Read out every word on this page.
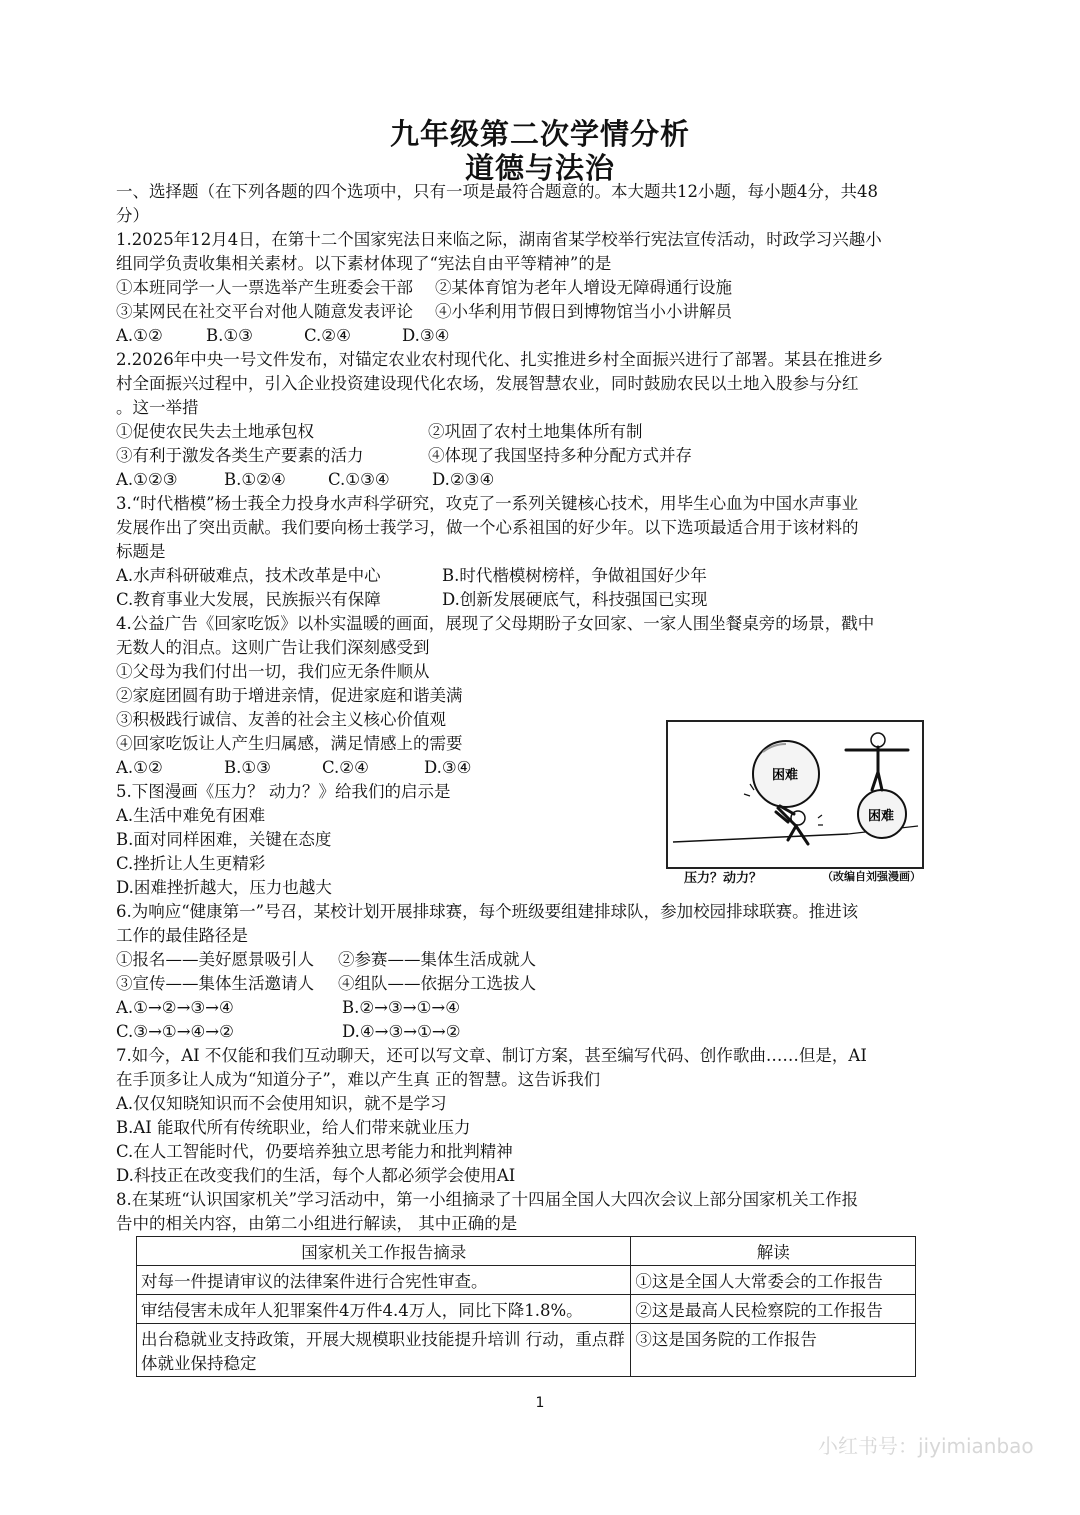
九年级第二次学情分析
道德与法治
一、选择题（在下列各题的四个选项中，只有一项是最符合题意的。本大题共12小题，每小题4分，共48
分）
1.2025年12月4日，在第十二个国家宪法日来临之际，湖南省某学校举行宪法宣传活动，时政学习兴趣小
组同学负责收集相关素材。以下素材体现了“宪法自由平等精神”的是
①本班同学一人一票选举产生班委会干部 ②某体育馆为老年人增设无障碍通行设施
③某网民在社交平台对他人随意发表评论 ④小华利用节假日到博物馆当小小讲解员
A.①②	B.①③	C.②④	D.③④
2.2026年中央一号文件发布，对锚定农业农村现代化、扎实推进乡村全面振兴进行了部署。某县在推进乡
村全面振兴过程中，引入企业投资建设现代化农场，发展智慧农业，同时鼓励农民以土地入股参与分红
。这一举措
①促使农民失去土地承包权	②巩固了农村土地集体所有制
③有利于激发各类生产要素的活力	④体现了我国坚持多种分配方式并存
A.①②③	B.①②④	C.①③④	D.②③④
3.“时代楷模”杨士莪全力投身水声科学研究，攻克了一系列关键核心技术，用毕生心血为中国水声事业
发展作出了突出贡献。我们要向杨士莪学习，做一个心系祖国的好少年。以下选项最适合用于该材料的
标题是
A.水声科研破难点，技术改革是中心	B.时代楷模树榜样，争做祖国好少年
C.教育事业大发展，民族振兴有保障	D.创新发展硬底气，科技强国已实现
4.公益广告《回家吃饭》以朴实温暖的画面，展现了父母期盼子女回家、一家人围坐餐桌旁的场景，戳中
无数人的泪点。这则广告让我们深刻感受到
①父母为我们付出一切，我们应无条件顺从
②家庭团圆有助于增进亲情，促进家庭和谐美满
③积极践行诚信、友善的社会主义核心价值观
④回家吃饭让人产生归属感，满足情感上的需要
A.①②	B.①③	C.②④	D.③④
5.下图漫画《压力？ 动力？》给我们的启示是
A.生活中难免有困难
B.面对同样困难，关键在态度
C.挫折让人生更精彩
D.困难挫折越大，压力也越大
6.为响应“健康第一”号召，某校计划开展排球赛，每个班级要组建排球队，参加校园排球联赛。推进该
工作的最佳路径是
①报名——美好愿景吸引人 ②参赛——集体生活成就人
③宣传——集体生活邀请人 ④组队——依据分工选拔人
A.①→②→③→④	B.②→③→①→④
C.③→①→④→②	D.④→③→①→②
7.如今，AI 不仅能和我们互动聊天，还可以写文章、制订方案，甚至编写代码、创作歌曲……但是，AI
在手顶多让人成为“知道分子”，难以产生真 正的智慧。这告诉我们
A.仅仅知晓知识而不会使用知识，就不是学习
B.AI 能取代所有传统职业，给人们带来就业压力
C.在人工智能时代，仍要培养独立思考能力和批判精神
D.科技正在改变我们的生活，每个人都必须学会使用AI
8.在某班“认识国家机关”学习活动中，第一小组摘录了十四届全国人大四次会议上部分国家机关工作报
告中的相关内容，由第二小组进行解读， 其中正确的是
困难
困难
压力？动力？	（改编自刘强漫画）
国家机关工作报告摘录	解读
对每一件提请审议的法律案件进行合宪性审查。	①这是全国人大常委会的工作报告
审结侵害未成年人犯罪案件4万件4.4万人，同比下降1.8%。	②这是最高人民检察院的工作报告
出台稳就业支持政策，开展大规模职业技能提升培训 行动，重点群体就业保持稳定	③这是国务院的工作报告
1
小红书号：jiyimianbao
